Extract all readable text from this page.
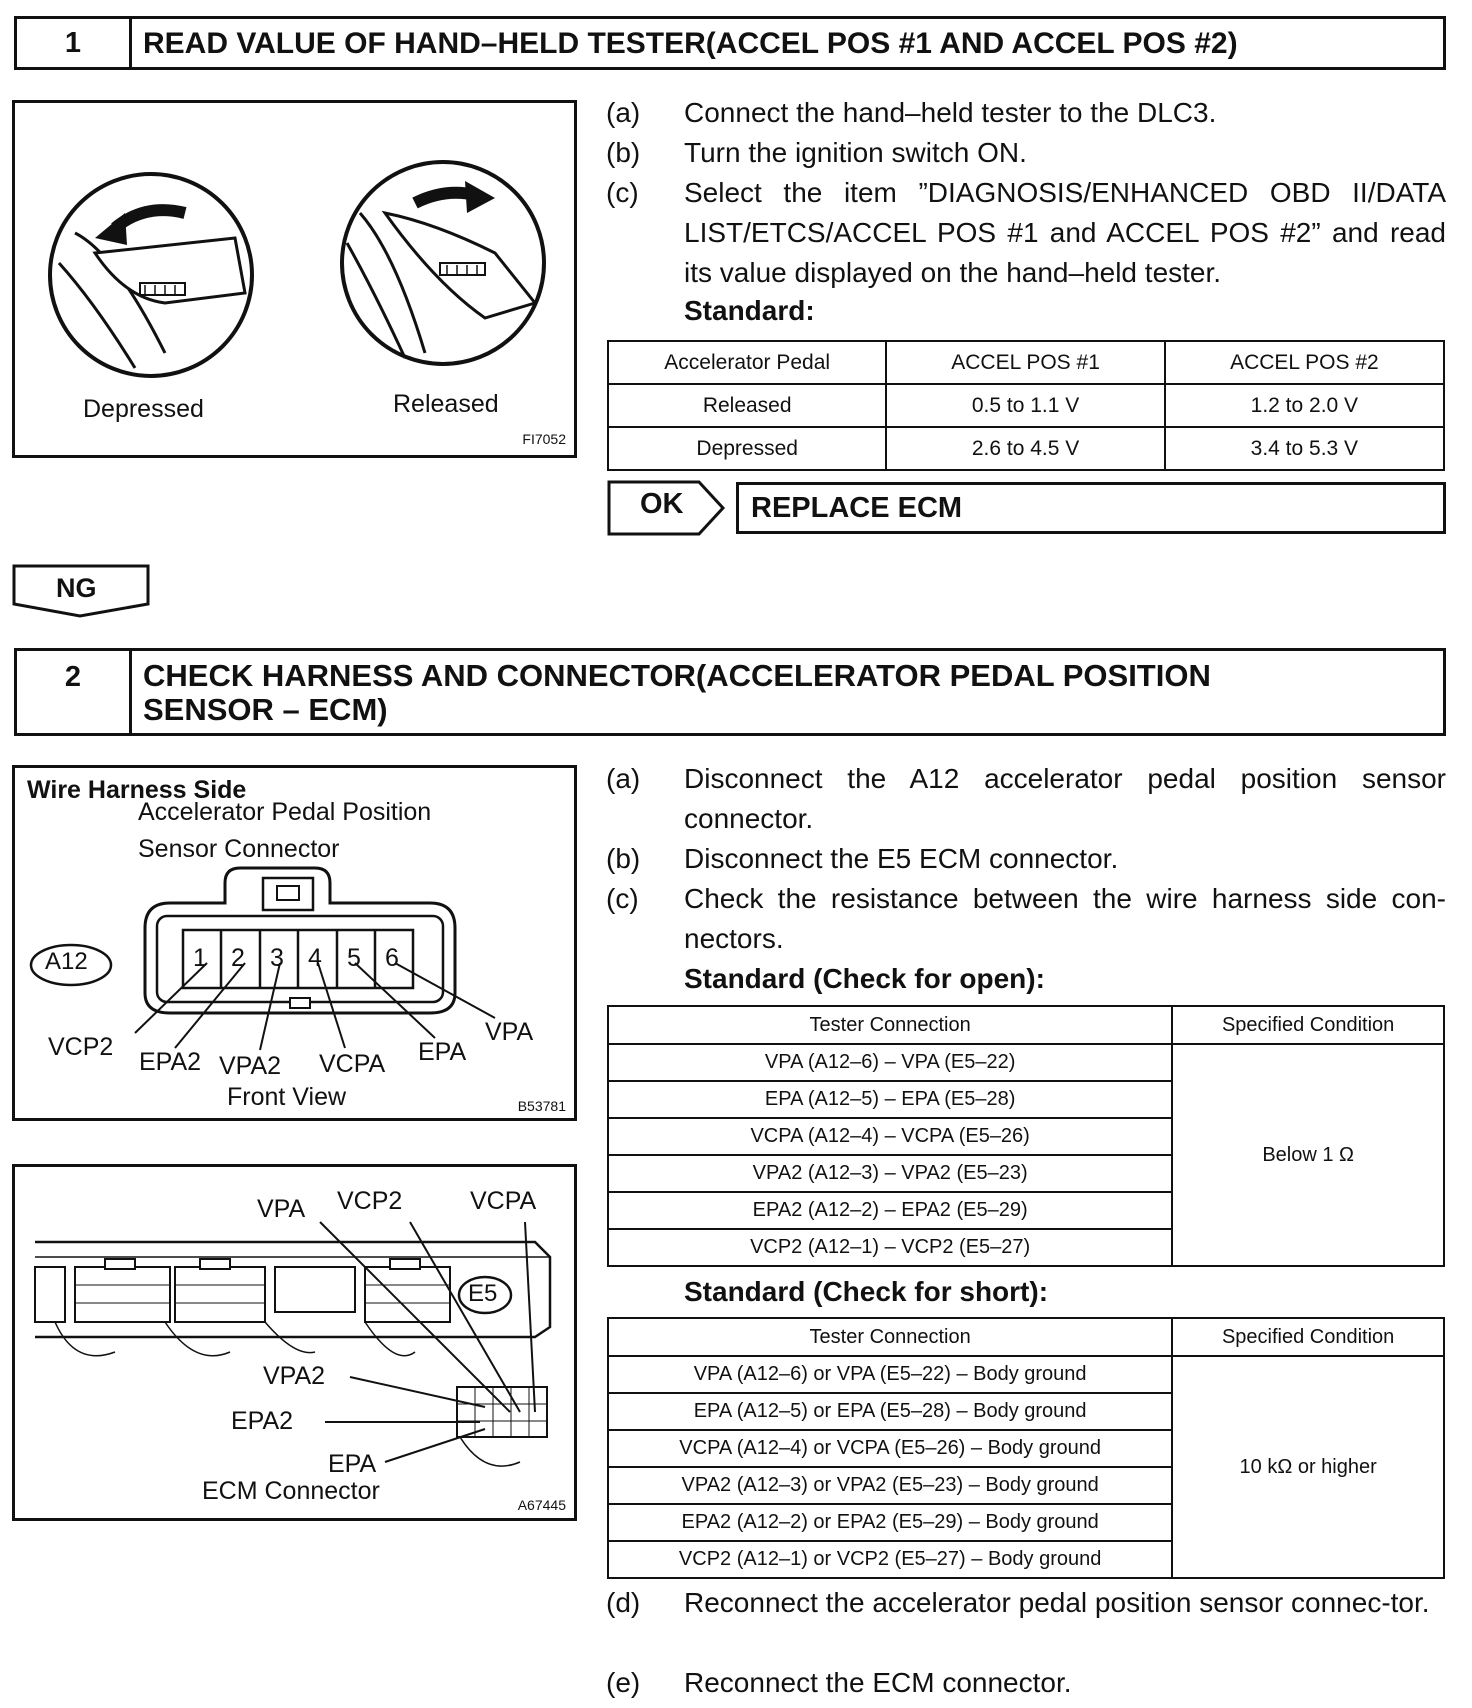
1	READ VALUE OF HAND–HELD TESTER(ACCEL POS #1 AND ACCEL POS #2)
Depressed	Released
FI7052
(a) Connect the hand–held tester to the DLC3.
(b) Turn the ignition switch ON.
(c) Select the item ”DIAGNOSIS/ENHANCED OBD II/DATA LIST/ETCS/ACCEL POS #1 and ACCEL POS #2” and read its value displayed on the hand–held tester.
Standard:
Accelerator Pedal	ACCEL POS #1	ACCEL POS #2
Released	0.5 to 1.1 V	1.2 to 2.0 V
Depressed	2.6 to 4.5 V	3.4 to 5.3 V
OK REPLACE ECM
NG
2	CHECK HARNESS AND CONNECTOR(ACCELERATOR PEDAL POSITION
SENSOR – ECM)
Wire Harness Side
Accelerator Pedal Position
Sensor Connector
A12	1 2 3 4 5 6
VCP2
EPA2 VPA2 VCPA EPA
VPA
Front View	B53781
VPA VCP2	VCPA
E5
VPA2
EPA2
EPA
ECM Connector	A67445
(a) Disconnect the A12 accelerator pedal position sensor connector.
(b) Disconnect the E5 ECM connector.
(c) Check the resistance between the wire harness side con-nectors.
Standard (Check for open):
Tester Connection	Specified Condition
VPA (A12–6) – VPA (E5–22)	Below 1 Ω
EPA (A12–5) – EPA (E5–28)	
VCPA (A12–4) – VCPA (E5–26)	
VPA2 (A12–3) – VPA2 (E5–23)	
EPA2 (A12–2) – EPA2 (E5–29)	
VCP2 (A12–1) – VCP2 (E5–27)	
Standard (Check for short):
Tester Connection	Specified Condition
VPA (A12–6) or VPA (E5–22) – Body ground	10 kΩ or higher
EPA (A12–5) or EPA (E5–28) – Body ground	
VCPA (A12–4) or VCPA (E5–26) – Body ground	
VPA2 (A12–3) or VPA2 (E5–23) – Body ground	
EPA2 (A12–2) or EPA2 (E5–29) – Body ground	
VCP2 (A12–1) or VCP2 (E5–27) – Body ground	
(d) Reconnect the accelerator pedal position sensor connec-tor.
(e) Reconnect the ECM connector.
